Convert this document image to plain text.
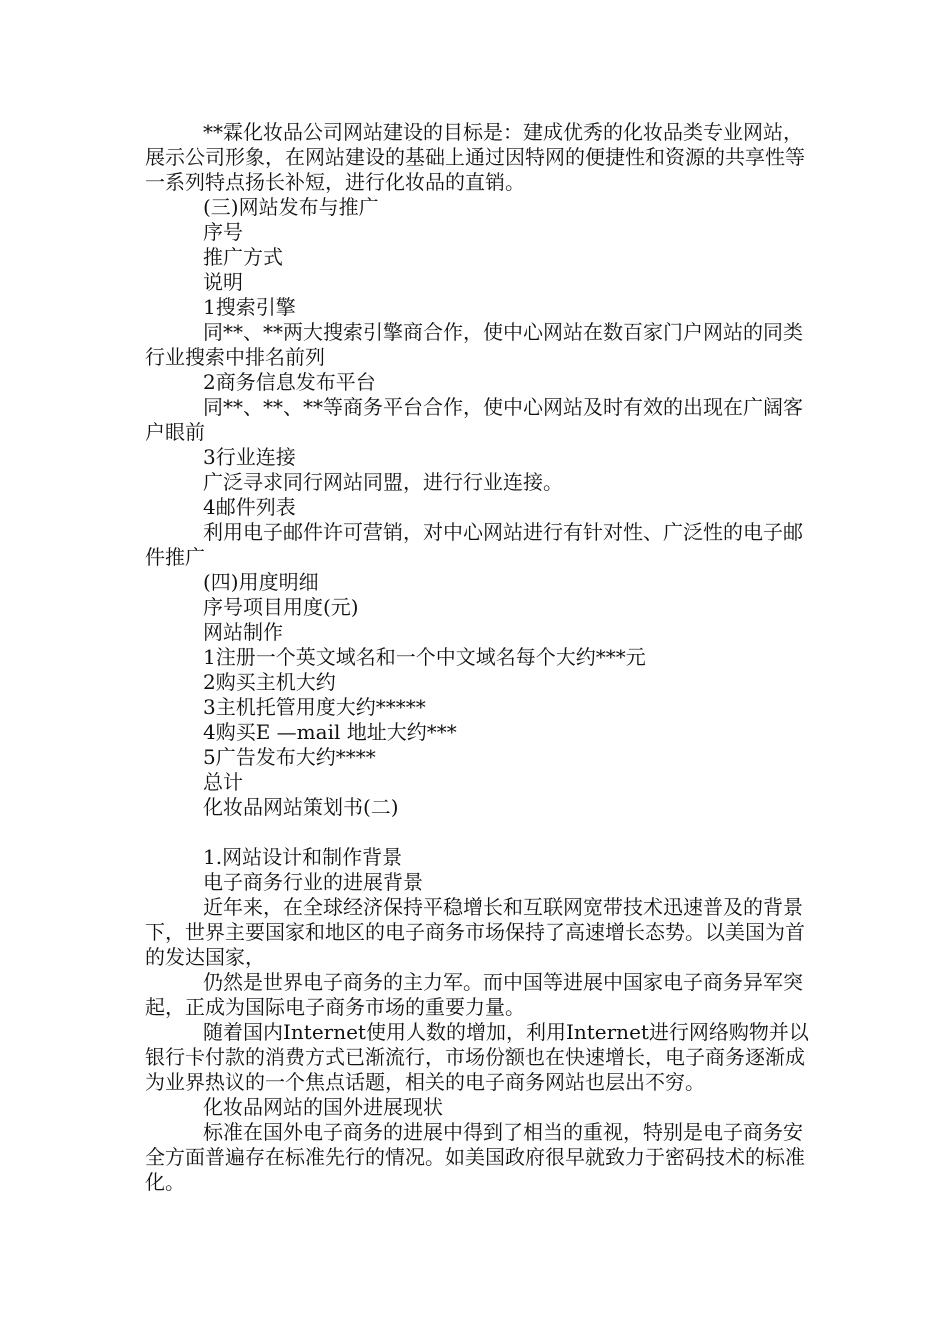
**霖化妆品公司网站建设的目标是：建成优秀的化妆品类专业网站，展示公司形象，在网站建设的基础上通过因特网的便捷性和资源的共享性等一系列特点扬长补短，进行化妆品的直销。

(三)网站发布与推广

序号

推广方式

说明

1搜索引擎

同**、**两大搜索引擎商合作，使中心网站在数百家门户网站的同类行业搜索中排名前列

2商务信息发布平台

同**、**、**等商务平台合作，使中心网站及时有效的出现在广阔客户眼前

3行业连接

广泛寻求同行网站同盟，进行行业连接。

4邮件列表

利用电子邮件许可营销，对中心网站进行有针对性、广泛性的电子邮件推广

(四)用度明细

序号项目用度(元)

网站制作

1注册一个英文域名和一个中文域名每个大约***元

2购买主机大约

3主机托管用度大约*****

4购买E —mail 地址大约***

5广告发布大约****

总计

化妆品网站策划书(二)

1.网站设计和制作背景

电子商务行业的进展背景

近年来，在全球经济保持平稳增长和互联网宽带技术迅速普及的背景下，世界主要国家和地区的电子商务市场保持了高速增长态势。以美国为首的发达国家，

仍然是世界电子商务的主力军。而中国等进展中国家电子商务异军突起，正成为国际电子商务市场的重要力量。

随着国内Internet使用人数的增加，利用Internet进行网络购物并以银行卡付款的消费方式已渐流行，市场份额也在快速增长，电子商务逐渐成为业界热议的一个焦点话题，相关的电子商务网站也层出不穷。

化妆品网站的国外进展现状

标准在国外电子商务的进展中得到了相当的重视，特别是电子商务安全方面普遍存在标准先行的情况。如美国政府很早就致力于密码技术的标准化。
